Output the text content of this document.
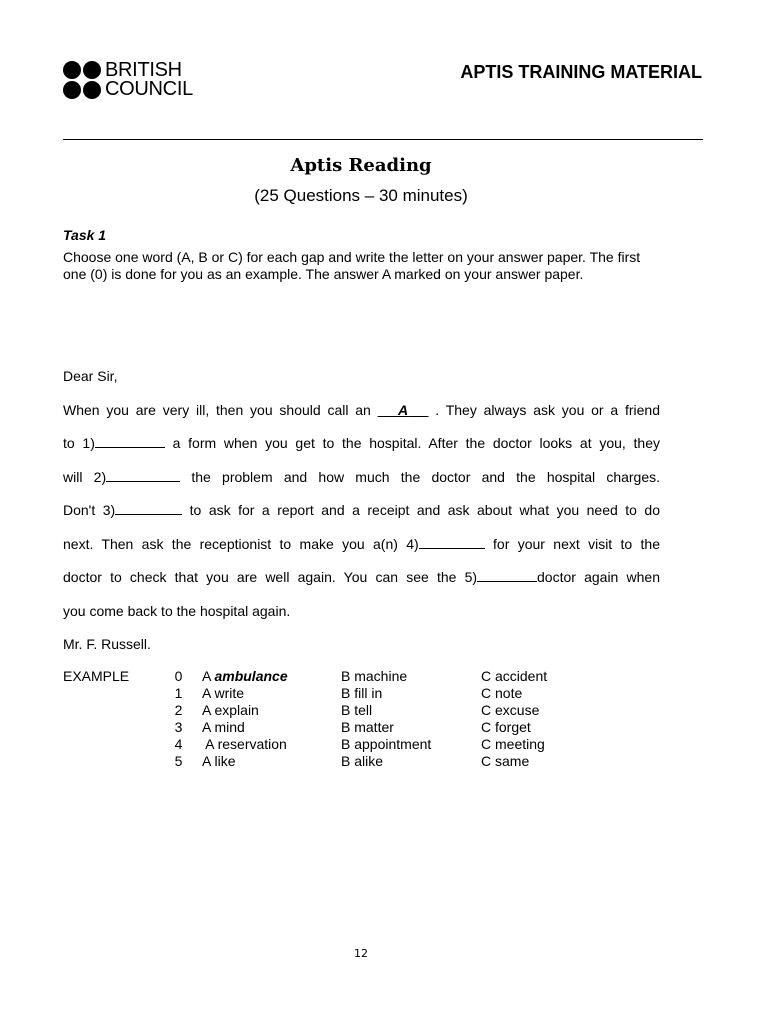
BRITISH
COUNCIL
APTIS TRAINING MATERIAL
Aptis Reading
(25 Questions – 30 minutes)
Task 1
Choose one word (A, B or C) for each gap and write the letter on your answer paper. The first one (0) is done for you as an example. The answer A marked on your answer paper.

Dear Sir,

When you are very ill, then you should call an    A    . They always ask you or a friend

to 1)	a form when you get to the hospital. After the doctor looks at you, they

will 2)	the problem and how much the doctor and the hospital charges.

Don't 3)	to ask for a report and a receipt and ask about what you need to do

next. Then ask the receptionist to make you a(n) 4)	for your next visit to the

doctor to check that you are well again. You can see the 5)	doctor again when

you come back to the hospital again.

Mr. F. Russell.

EXAMPLE	0	A ambulance	B machine	C accident
1	A write	B fill in	C note
2	A explain	B tell	C excuse
3	A mind	B matter	C forget
4	A reservation	B appointment	C meeting
5	A like	B alike	C same
12
